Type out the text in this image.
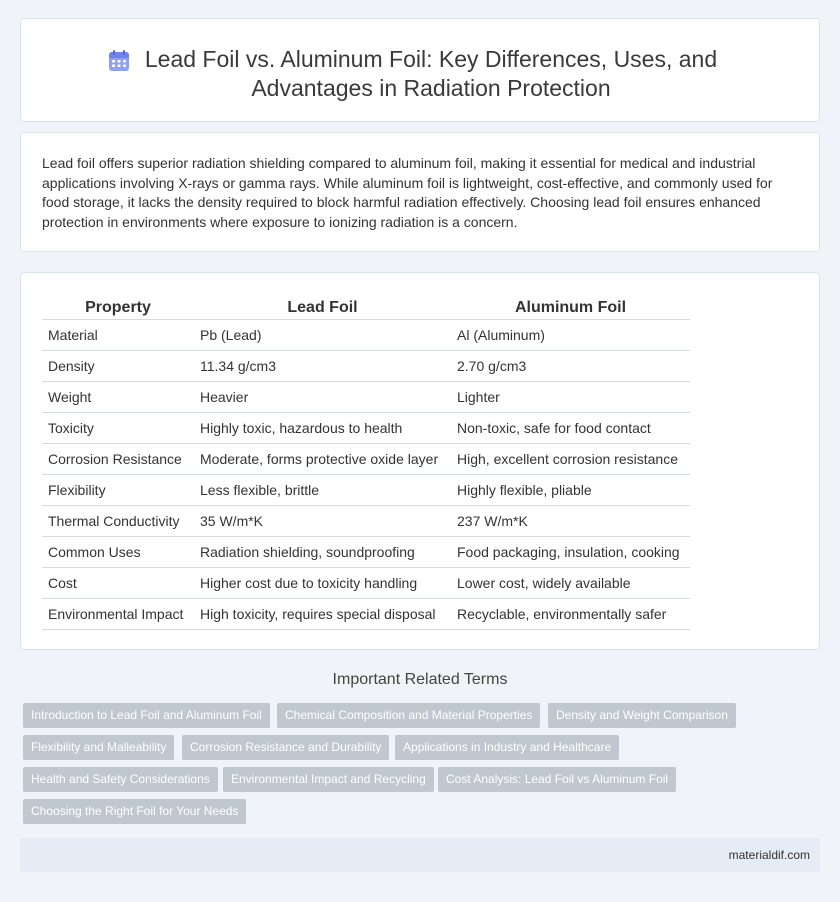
Lead Foil vs. Aluminum Foil: Key Differences, Uses, and Advantages in Radiation Protection

Lead foil offers superior radiation shielding compared to aluminum foil, making it essential for medical and industrial applications involving X-rays or gamma rays. While aluminum foil is lightweight, cost-effective, and commonly used for food storage, it lacks the density required to block harmful radiation effectively. Choosing lead foil ensures enhanced protection in environments where exposure to ionizing radiation is a concern.

Property	Lead Foil	Aluminum Foil
Material	Pb (Lead)	Al (Aluminum)
Density	11.34 g/cm3	2.70 g/cm3
Weight	Heavier	Lighter
Toxicity	Highly toxic, hazardous to health	Non-toxic, safe for food contact
Corrosion Resistance	Moderate, forms protective oxide layer	High, excellent corrosion resistance
Flexibility	Less flexible, brittle	Highly flexible, pliable
Thermal Conductivity	35 W/m*K	237 W/m*K
Common Uses	Radiation shielding, soundproofing	Food packaging, insulation, cooking
Cost	Higher cost due to toxicity handling	Lower cost, widely available
Environmental Impact	High toxicity, requires special disposal	Recyclable, environmentally safer
Important Related Terms
Introduction to Lead Foil and Aluminum Foil	Chemical Composition and Material Properties	Density and Weight Comparison
Flexibility and Malleability	Corrosion Resistance and Durability	Applications in Industry and Healthcare
Health and Safety Considerations	Environmental Impact and Recycling	Cost Analysis: Lead Foil vs Aluminum Foil
Choosing the Right Foil for Your Needs
materialdif.com
